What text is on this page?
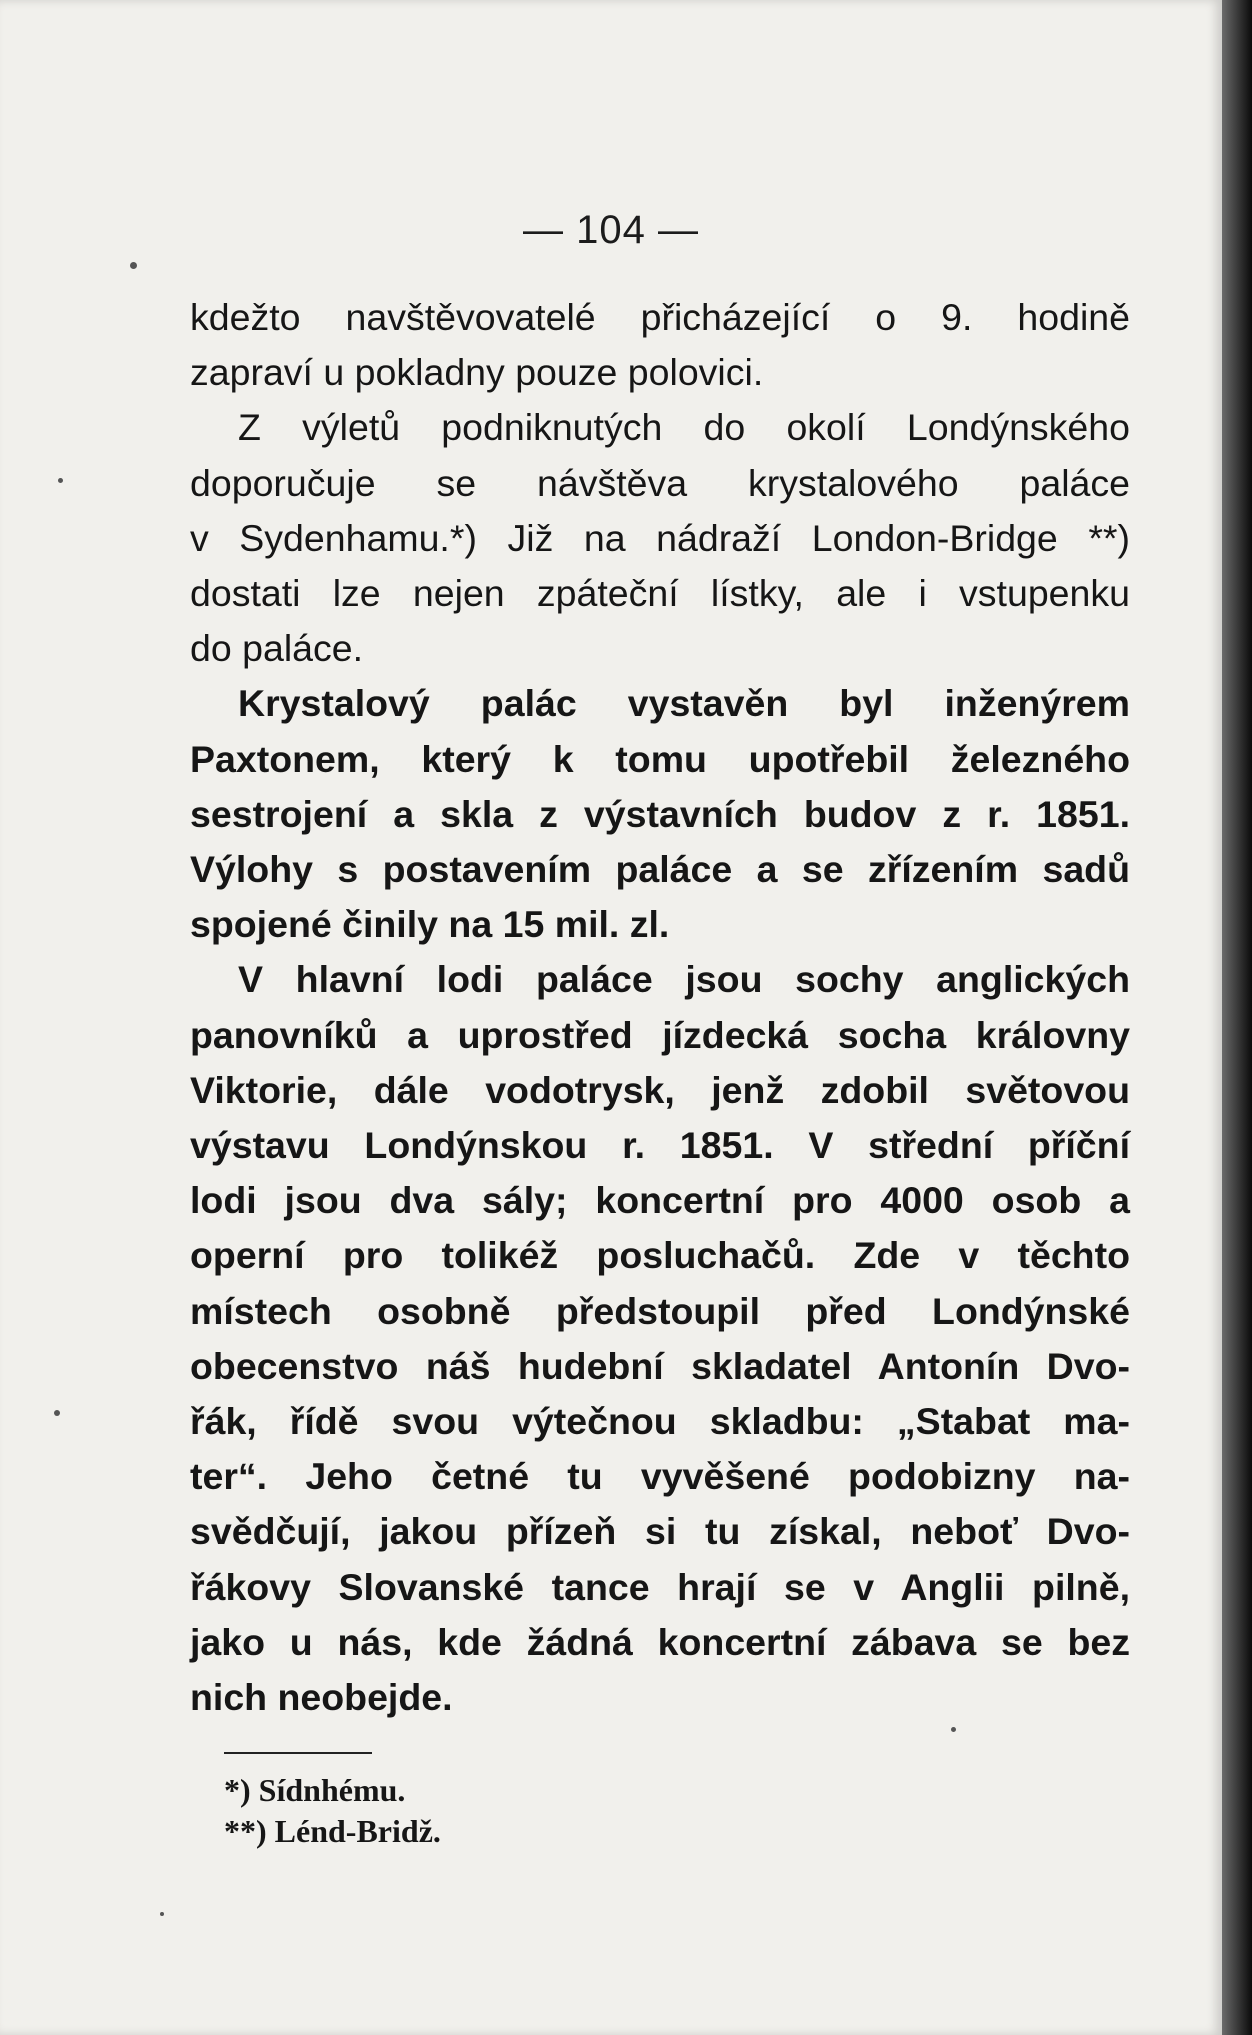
— 104 —
kdežto navštěvovatelé přicházející o 9. hodině
zapraví u pokladny pouze polovici.
Z výletů podniknutých do okolí Londýnského
doporučuje se návštěva krystalového paláce
v Sydenhamu.*) Již na nádraží London-Bridge **)
dostati lze nejen zpáteční lístky, ale i vstupenku
do paláce.
Krystalový palác vystavěn byl inženýrem
Paxtonem, který k tomu upotřebil železného
sestrojení a skla z výstavních budov z r. 1851.
Výlohy s postavením paláce a se zřízením sadů
spojené činily na 15 mil. zl.
V hlavní lodi paláce jsou sochy anglických
panovníků a uprostřed jízdecká socha královny
Viktorie, dále vodotrysk, jenž zdobil světovou
výstavu Londýnskou r. 1851. V střední příční
lodi jsou dva sály; koncertní pro 4000 osob a
operní pro tolikéž posluchačů. Zde v těchto
místech osobně předstoupil před Londýnské
obecenstvo náš hudební skladatel Antonín Dvo-
řák, řídě svou výtečnou skladbu: „Stabat ma-
ter“. Jeho četné tu vyvěšené podobizny na-
svědčují, jakou přízeň si tu získal, neboť Dvo-
řákovy Slovanské tance hrají se v Anglii pilně,
jako u nás, kde žádná koncertní zábava se bez
nich neobejde.
*) Sídnhému.
**) Lénd-Bridž.
